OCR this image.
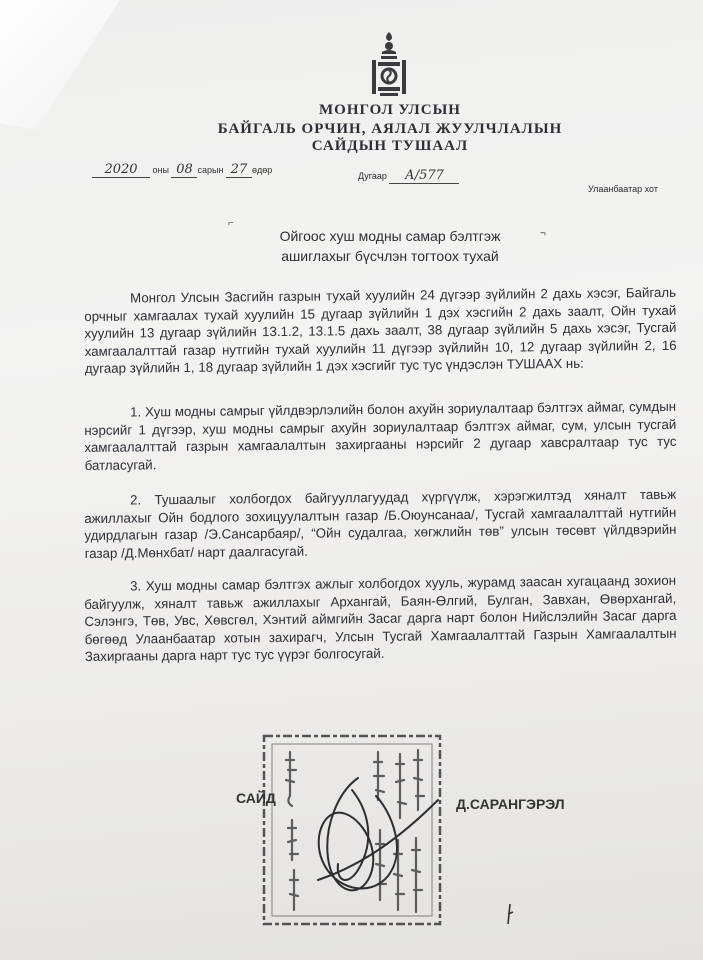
МОНГОЛ УЛСЫН
БАЙГАЛЬ ОРЧИН, АЯЛАЛ ЖУУЛЧЛАЛЫН
САЙДЫН ТУШААЛ
2020 оны 08 сарын 27 өдөр
Дугаар А/577
Улаанбаатар хот
⌐
¬
Ойгоос хуш модны самар бэлтгэж
ашиглахыг бүсчлэн тогтоох тухай
Монгол Улсын Засгийн газрын тухай хуулийн 24 дүгээр зүйлийн 2 дахь хэсэг, Байгаль орчныг хамгаалах тухай хуулийн 15 дугаар зүйлийн 1 дэх хэсгийн 2 дахь заалт, Ойн тухай хуулийн 13 дугаар зүйлийн 13.1.2, 13.1.5 дахь заалт, 38 дугаар зүйлийн 5 дахь хэсэг, Тусгай хамгаалалттай газар нутгийн тухай хуулийн 11 дүгээр зүйлийн 10, 12 дугаар зүйлийн 2, 16 дугаар зүйлийн 1, 18 дугаар зүйлийн 1 дэх хэсгийг тус тус үндэслэн ТУШААХ нь:
1. Хуш модны самрыг үйлдвэрлэлийн болон ахуйн зориулалтаар бэлтгэх аймаг, сумдын нэрсийг 1 дүгээр, хуш модны самрыг ахуйн зориулалтаар бэлтгэх аймаг, сум, улсын тусгай хамгаалалттай газрын хамгаалалтын захиргааны нэрсийг 2 дугаар хавсралтаар тус тус батласугай.
2. Тушаалыг холбогдох байгууллагуудад хүргүүлж, хэрэгжилтэд хяналт тавьж ажиллахыг Ойн бодлого зохицуулалтын газар /Б.Оюунсанаа/, Тусгай хамгаалалттай нутгийн удирдлагын газар /Э.Сансарбаяр/, “Ойн судалгаа, хөгжлийн төв” улсын төсөвт үйлдвэрийн газар /Д.Мөнхбат/ нарт даалгасугай.
3. Хуш модны самар бэлтгэх ажлыг холбогдох хууль, журамд заасан хугацаанд зохион байгуулж, хяналт тавьж ажиллахыг Архангай, Баян-Өлгий, Булган, Завхан, Өвөрхангай, Сэлэнгэ, Төв, Увс, Хөвсгөл, Хэнтий аймгийн Засаг дарга нарт болон Нийслэлийн Засаг дарга бөгөөд Улаанбаатар хотын захирагч, Улсын Тусгай Хамгаалалттай Газрын Хамгаалалтын Захиргааны дарга нарт тус тус үүрэг болгосугай.
САЙД	Д.САРАНГЭРЭЛ
